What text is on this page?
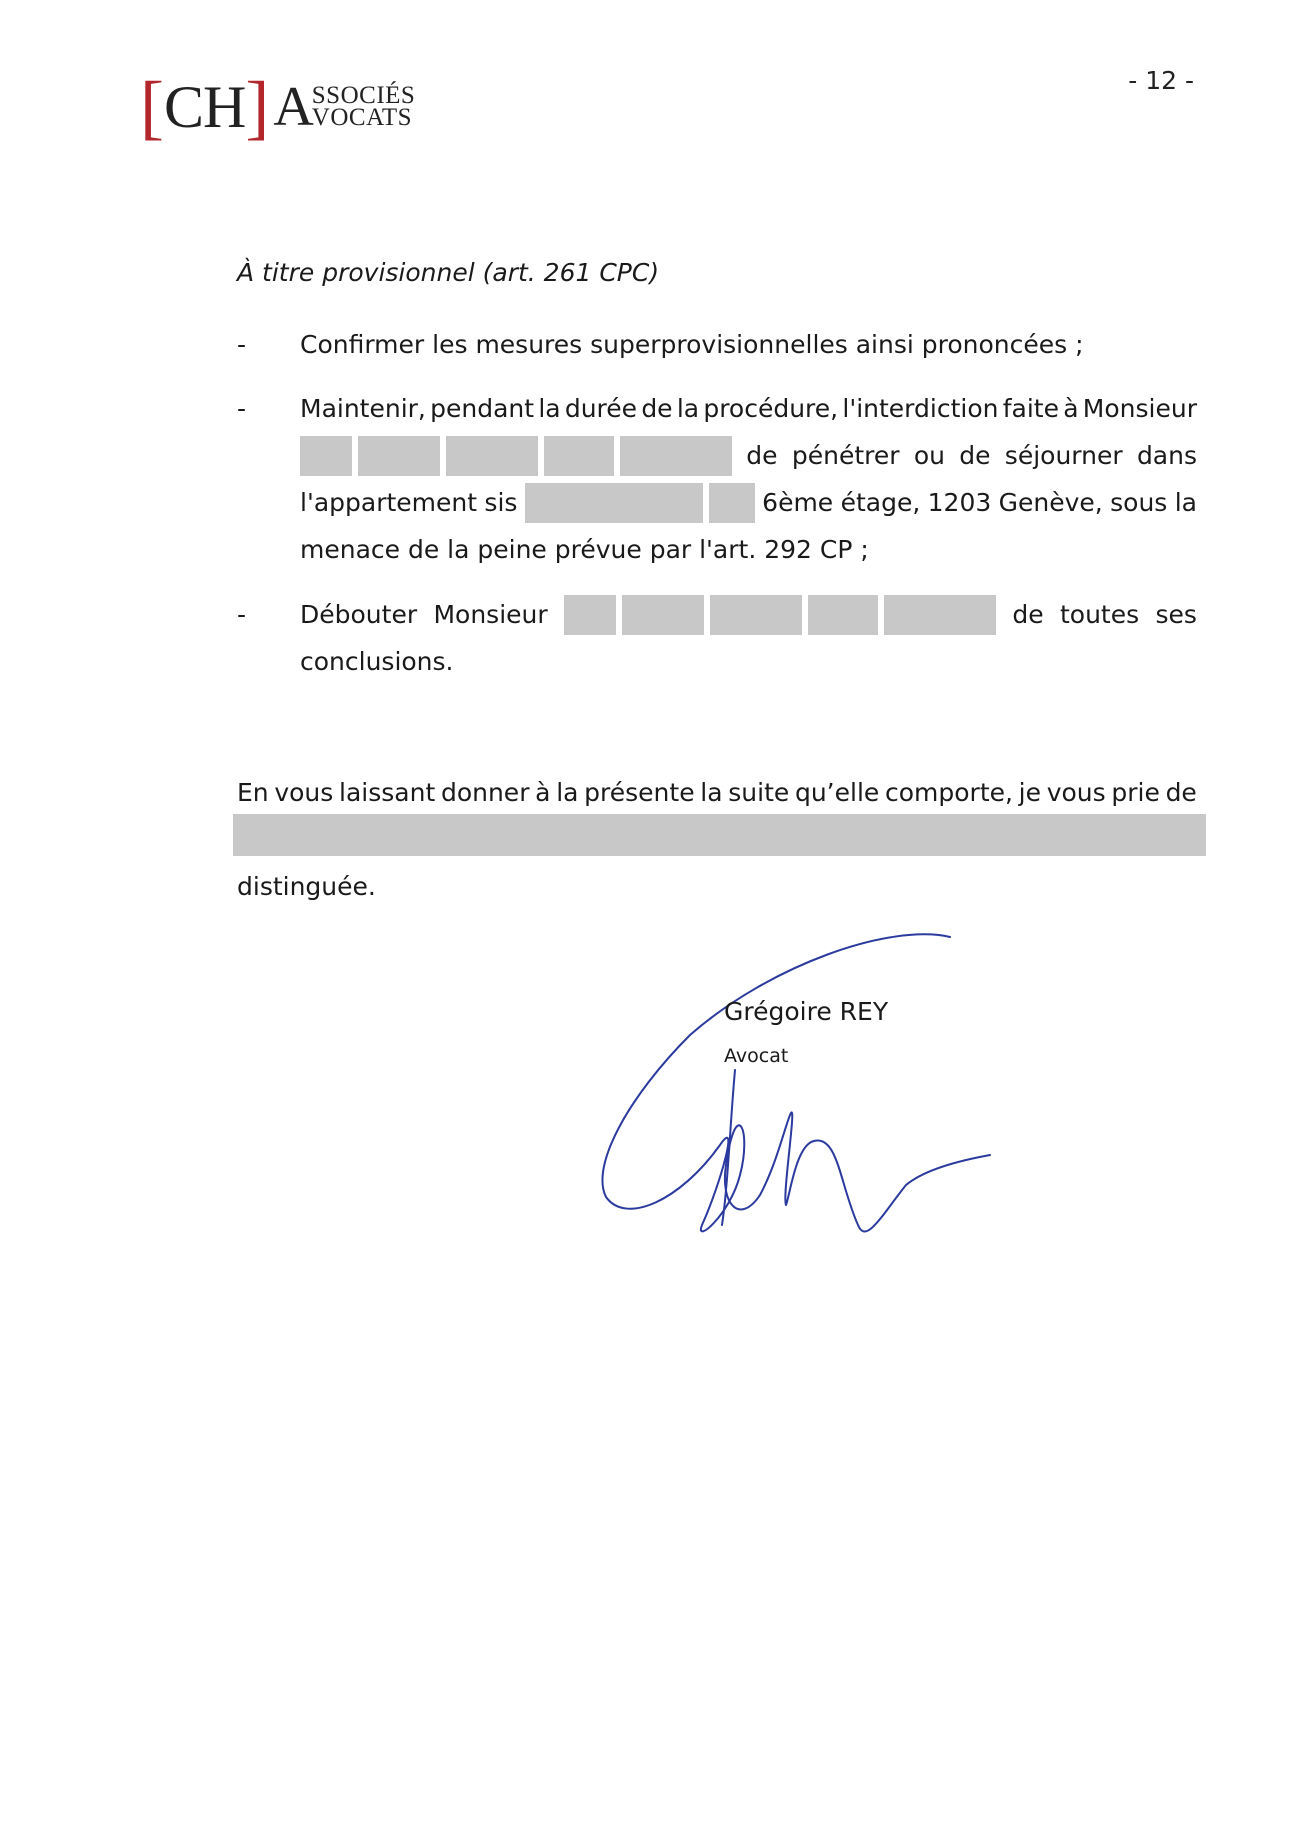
[ CH ] A
SSOCIÉS
VOCATS
- 12 -
À titre provisionnel (art. 261 CPC)
- Confirmer les mesures superprovisionnelles ainsi prononcées ;
- Maintenir, pendant la durée de la procédure, l'interdiction faite à Monsieur
de pénétrer ou de séjourner dans
l'appartement sis	6ème étage, 1203 Genève, sous la
menace de la peine prévue par l'art. 292 CP ;
- Débouter Monsieur	de toutes ses
conclusions.
En vous laissant donner à la présente la suite qu’elle comporte, je vous prie de
distinguée.
Grégoire REY
Avocat
